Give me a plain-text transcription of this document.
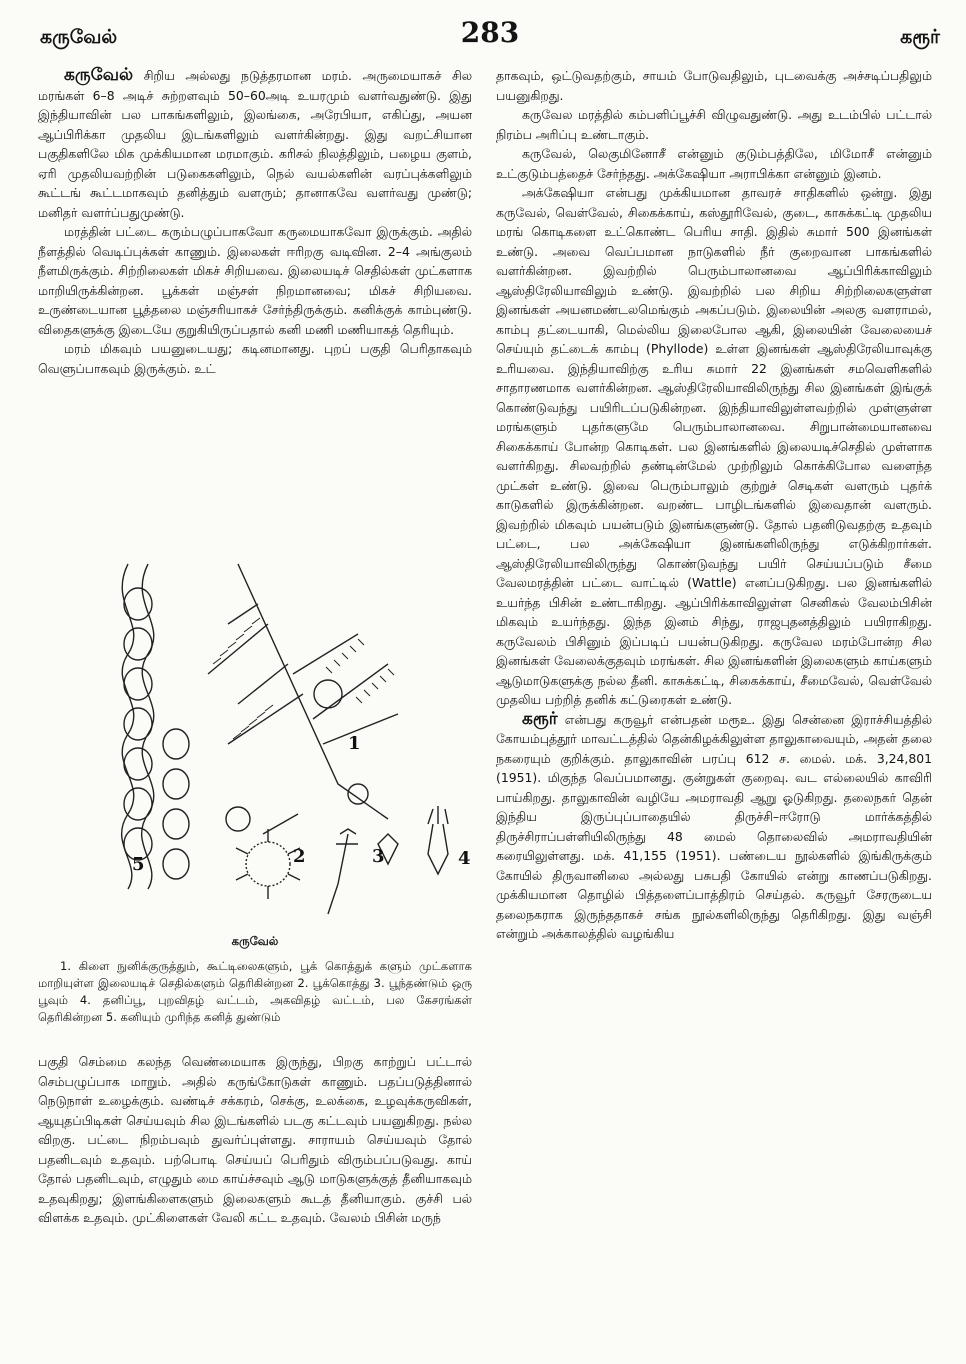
கருவேல்	283	கரூர்

கருவேல் சிறிய அல்லது நடுத்தரமான மரம். அருமையாகச் சில மரங்கள் 6–8 அடிச் சுற்றளவும் 50–60அடி உயரமும் வளர்வதுண்டு. இது இந்தியாவின் பல பாகங்களிலும், இலங்கை, அரேபியா, எகிப்து, அயன ஆப்பிரிக்கா முதலிய இடங்களிலும் வளர்கின்றது. இது வறட்சியான பகுதிகளிலே மிக முக்கியமான மரமாகும். கரிசல் நிலத்திலும், பழைய குளம், ஏரி முதலியவற்றின் படுகைகளிலும், நெல் வயல்களின் வரப்புக்களிலும் கூட்டங் கூட்டமாகவும் தனித்தும் வளரும்; தானாகவே வளர்வது முண்டு; மனிதர் வளர்ப்பதுமுண்டு.

மரத்தின் பட்டை கரும்பழுப்பாகவோ கருமையாகவோ இருக்கும். அதில் நீளத்தில் வெடிப்புக்கள் காணும். இலைகள் ஈரிறகு வடிவின. 2–4 அங்குலம் நீளமிருக்கும். சிற்றிலைகள் மிகச் சிறியவை. இலையடிச் செதில்கள் முட்களாக மாறியிருக்கின்றன. பூக்கள் மஞ்சள் நிறமானவை; மிகச் சிறியவை. உருண்டையான பூத்தலை மஞ்சரியாகச் சேர்ந்திருக்கும். கனிக்குக் காம்புண்டு. விதைகளுக்கு இடையே குறுகியிருப்பதால் கனி மணி மணியாகத் தெரியும்.

மரம் மிகவும் பயனுடையது; கடினமானது. புறப் பகுதி பெரிதாகவும் வெளுப்பாகவும் இருக்கும். உட்

1
2	3	4
5
கருவேல்

1. கிளை நுனிக்குருத்தும், கூட்டிலைகளும், பூக் கொத்துக் களும் முட்களாக மாறியுள்ள இலையடிச் செதில்களும் தெரிகின்றன 2. பூக்கொத்து 3. பூந்தண்டும் ஒரு பூவும் 4. தனிப்பூ, புறவிதழ் வட்டம், அகவிதழ் வட்டம், பல கேசரங்கள் தெரிகின்றன 5. கனியும் முரிந்த கனித் துண்டும்

பகுதி செம்மை கலந்த வெண்மையாக இருந்து, பிறகு காற்றுப் பட்டால் செம்பழுப்பாக மாறும். அதில் கருங்கோடுகள் காணும். பதப்படுத்தினால் நெடுநாள் உழைக்கும். வண்டிச் சக்கரம், செக்கு, உலக்கை, உழவுக்கருவிகள், ஆயுதப்பிடிகள் செய்யவும் சில இடங்களில் படகு கட்டவும் பயனுகிறது. நல்ல விறகு. பட்டை நிறம்பவும் துவர்ப்புள்ளது. சாராயம் செய்யவும் தோல் பதனிடவும் உதவும். பற்பொடி செய்யப் பெரிதும் விரும்பப்படுவது. காய் தோல் பதனிடவும், எழுதும் மை காய்ச்சவும் ஆடு மாடுகளுக்குத் தீனியாகவும் உதவுகிறது; இளங்கிளைகளும் இலைகளும் கூடத் தீனியாகும். குச்சி பல் விளக்க உதவும். முட்கிளைகள் வேலி கட்ட உதவும். வேலம் பிசின் மருந்

தாகவும், ஒட்டுவதற்கும், சாயம் போடுவதிலும், புடவைக்கு அச்சடிப்பதிலும் பயனுகிறது.

கருவேல மரத்தில் கம்பளிப்பூச்சி விழுவதுண்டு. அது உடம்பில் பட்டால் நிரம்ப அரிப்பு உண்டாகும்.

கருவேல், லெகுமினோசீ என்னும் குடும்பத்திலே, மிமோசீ என்னும் உட்குடும்பத்தைச் சேர்ந்தது. அக்கேஷியா அராபிக்கா என்னும் இனம்.

அக்கேஷியா என்பது முக்கியமான தாவரச் சாதிகளில் ஒன்று. இது கருவேல், வெள்வேல், சிகைக்காய், கஸ்தூரிவேல், குடை, காசுக்கட்டி முதலிய மரங் கொடிகளை உட்கொண்ட பெரிய சாதி. இதில் சுமார் 500 இனங்கள் உண்டு. அவை வெப்பமான நாடுகளில் நீர் குறைவான பாகங்களில் வளர்கின்றன. இவற்றில் பெரும்பாலானவை ஆப்பிரிக்காவிலும் ஆஸ்திரேலியாவிலும் உண்டு. இவற்றில் பல சிறிய சிற்றிலைகளுள்ள இனங்கள் அயனமண்டலமெங்கும் அகப்படும். இலையின் அலகு வளராமல், காம்பு தட்டையாகி, மெல்லிய இலைபோல ஆகி, இலையின் வேலையைச் செய்யும் தட்டைக் காம்பு (Phyllode) உள்ள இனங்கள் ஆஸ்திரேலியாவுக்கு உரியவை. இந்தியாவிற்கு உரிய சுமார் 22 இனங்கள் சமவெளிகளில் சாதாரணமாக வளர்கின்றன. ஆஸ்திரேலியாவிலிருந்து சில இனங்கள் இங்குக் கொண்டுவந்து பயிரிடப்படுகின்றன. இந்தியாவிலுள்ளவற்றில் முள்ளுள்ள மரங்களும் புதர்களுமே பெரும்பாலானவை. சிறுபான்மையானவை சிகைக்காய் போன்ற கொடிகள். பல இனங்களில் இலையடிச்செதில் முள்ளாக வளர்கிறது. சிலவற்றில் தண்டின்மேல் முற்றிலும் கொக்கிபோல வளைந்த முட்கள் உண்டு. இவை பெரும்பாலும் குற்றுச் செடிகள் வளரும் புதர்க் காடுகளில் இருக்கின்றன. வறண்ட பாழிடங்களில் இவைதான் வளரும். இவற்றில் மிகவும் பயன்படும் இனங்களுண்டு. தோல் பதனிடுவதற்கு உதவும் பட்டை, பல அக்கேஷியா இனங்களிலிருந்து எடுக்கிறார்கள். ஆஸ்திரேலியாவிலிருந்து கொண்டுவந்து பயிர் செய்யப்படும் சீமை வேலமரத்தின் பட்டை வாட்டில் (Wattle) எனப்படுகிறது. பல இனங்களில் உயர்ந்த பிசின் உண்டாகிறது. ஆப்பிரிக்காவிலுள்ள செனிகல் வேலம்பிசின் மிகவும் உயர்ந்தது. இந்த இனம் சிந்து, ராஜபுதனத்திலும் பயிராகிறது. கருவேலம் பிசினும் இப்படிப் பயன்படுகிறது. கருவேல மரம்போன்ற சில இனங்கள் வேலைக்குதவும் மரங்கள். சில இனங்களின் இலைகளும் காய்களும் ஆடுமாடுகளுக்கு நல்ல தீனி. காசுக்கட்டி, சிகைக்காய், சீமைவேல், வெள்வேல் முதலிய பற்றித் தனிக் கட்டுரைகள் உண்டு.

கரூர் என்பது கருவூர் என்பதன் மரூஉ. இது சென்னை இராச்சியத்தில் கோயம்புத்தூர் மாவட்டத்தில் தென்கிழக்கிலுள்ள தாலுகாவையும், அதன் தலை நகரையும் குறிக்கும். தாலுகாவின் பரப்பு 612 ச. மைல். மக். 3,24,801 (1951). மிகுந்த வெப்பமானது. குன்றுகள் குறைவு. வட எல்லையில் காவிரி பாய்கிறது. தாலுகாவின் வழியே அமராவதி ஆறு ஓடுகிறது. தலைநகர் தென் இந்திய இருப்புப்பாதையில் திருச்சி–ஈரோடு மார்க்கத்தில் திருச்சிராப்பள்ளியிலிருந்து 48 மைல் தொலைவில் அமராவதியின் கரையிலுள்ளது. மக். 41,155 (1951). பண்டைய நூல்களில் இங்கிருக்கும் கோயில் திருவானிலை அல்லது பசுபதி கோயில் என்று காணப்படுகிறது. முக்கியமான தொழில் பித்தளைப்பாத்திரம் செய்தல். கருவூர் சேரருடைய தலைநகராக இருந்ததாகச் சங்க நூல்களிலிருந்து தெரிகிறது. இது வஞ்சி என்றும் அக்காலத்தில் வழங்கிய
